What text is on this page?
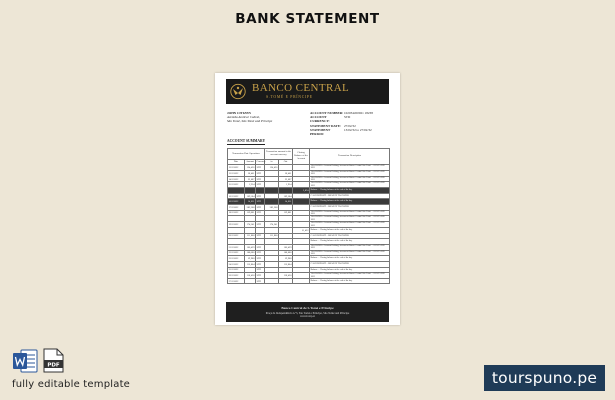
BANK STATEMENT
BANCO CENTRAL
S.TOMÉ E PRÍNCIPE
JOHN CITIZEN
Avenida Amílcar Cabral,
São Tomé, São Tomé and Príncipe
ACCOUNT NUMBER: 102034450021 18238
ACCOUNT CURRENCY:
STD
STATEMENT DATE: 27/02/32
STATEMENT PERIOD:
13/02/32 to 27/02/32
ACCOUNT SUMMARY
Transaction Date Operations			Transaction amount in the account currency		Closing Balance of the Account	Transaction Description
Date	Amount	Currency	in	Out		
13/2/2032	134,426	STD	134,426			TRANSFER • Account Holding Account at Banco Central São Tomé – CONTA LIB 1001
13/2/2032	58,401	STD		58,401		TRANSFER • Account Holding Account at Banco Central São Tomé – CONTA LIB 1001
14/2/2032	22,087	STD		22,087		TRANSFER • Account Holding Account at Banco Central São Tomé – CONTA LIB 1001
15/2/2032	1,954	STD		1,954		TRANSFER • Account Holding Account at Banco Central São Tomé – CONTA LIB 1001
					3,874	Balance – Closing balance at the end of the day
16/2/2032	169,584	STD		169,584		CASH DEPOSIT – BRANCH TRANSFER
16/2/2032	14,651	STD		14,651		Balance – Closing balance at the end of the day
17/2/2032	383,208	STD	383,208			CASH DEPOSIT – BRANCH TRANSFER
18/2/2032	159,881	STD		159,881		TRANSFER • Account Holding Account at Banco Central São Tomé – CONTA LIB 1001
						TRANSFER • Account Holding Account at Banco Central São Tomé – CONTA LIB 1001
19/2/2032	174,341	STD	174,341			TRANSFER • Account Holding Account at Banco Central São Tomé – CONTA LIB 1001
					51,422	Balance – Closing balance at the end of the day
20/2/2032	111,800	STD	111,800			CASH DEPOSIT – BRANCH TRANSFER
						Balance – Closing balance at the end of the day
21/2/2032	166,429	STD		166,429		TRANSFER • Account Holding Account at Banco Central São Tomé – CONTA LIB 1001
22/2/2032	108,080	STD		108,080		TRANSFER • Account Holding Account at Banco Central São Tomé – CONTA LIB 1001
23/2/2032	59,988	STD		59,988		Balance – Closing balance at the end of the day
24/2/2032	116,804	STD		116,804		CASH DEPOSIT – BRANCH TRANSFER
25/2/2032		STD				Balance – Closing balance at the end of the day
26/2/2032	118,430	STD		118,430		TRANSFER • Account Holding Account at Banco Central São Tomé – CONTA LIB 1001
27/2/2032		STD				Balance – Closing balance at the end of the day
Banco Central de S.Tomé e Príncipe
Praça da Independência n.º3, São Tomé e Príncipe, São Tomé and Príncipe
www.bcstp.st
PDF
fully editable template	tourspuno.pe
